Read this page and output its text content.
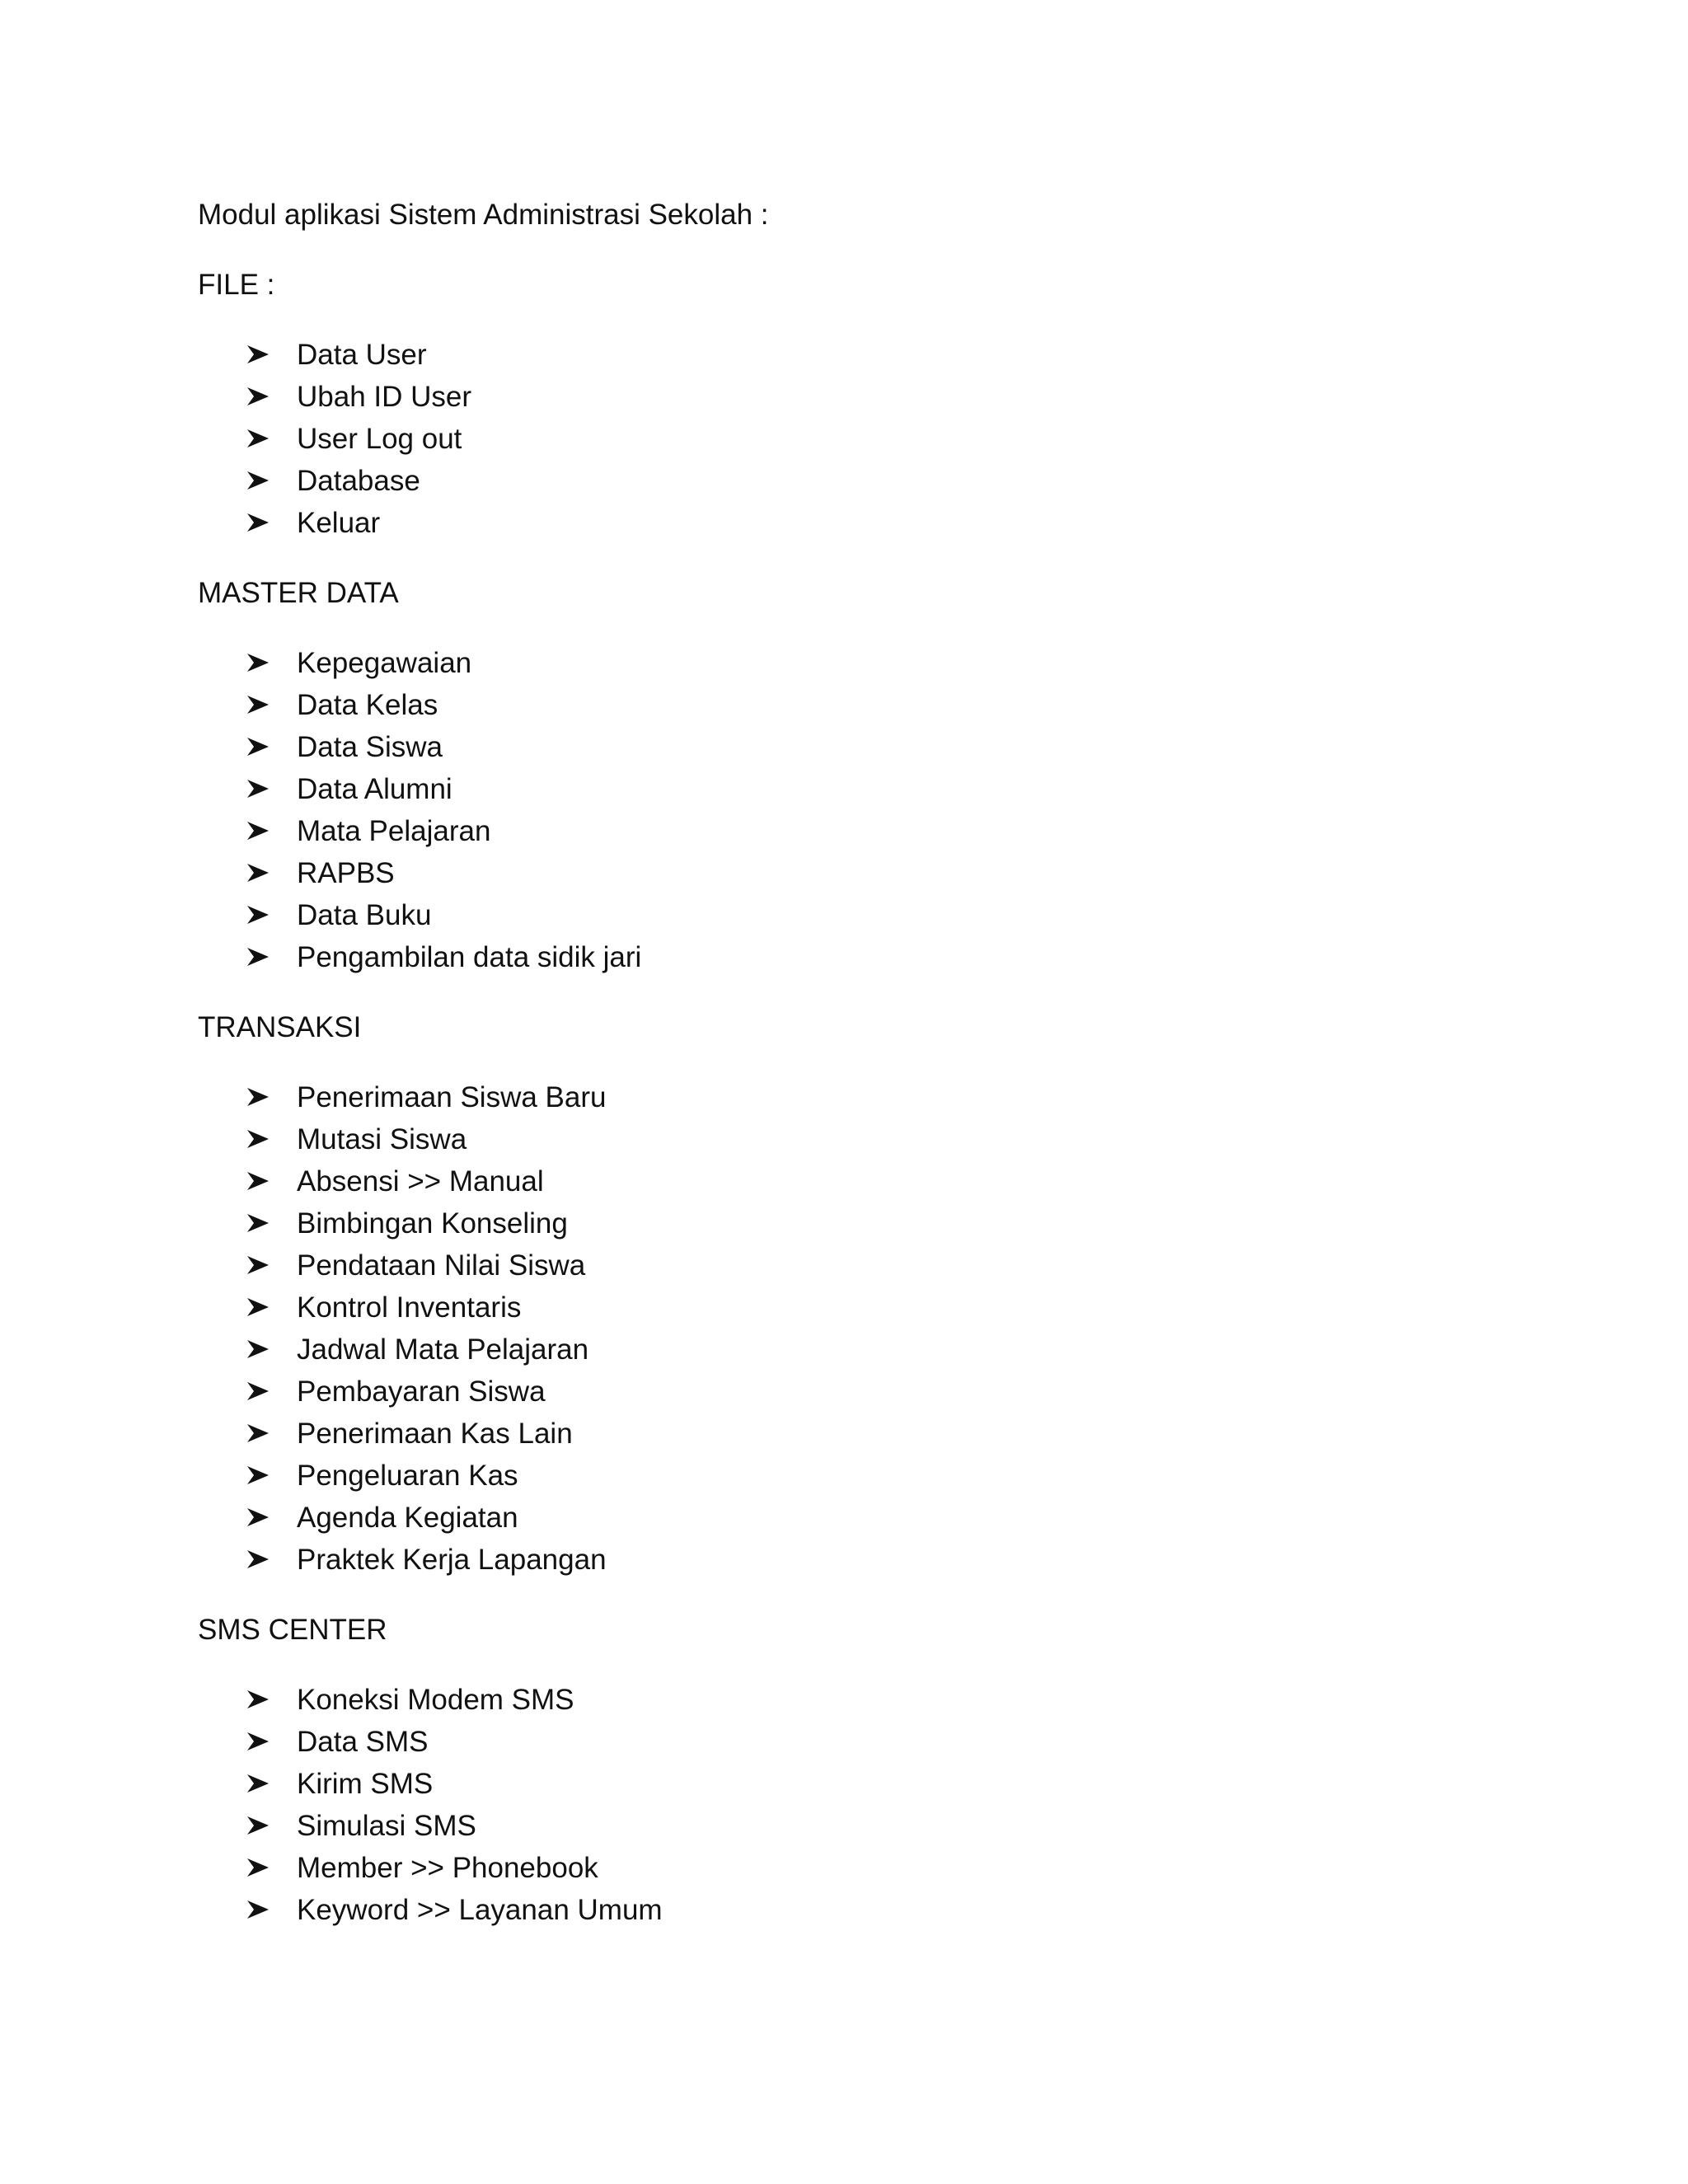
Modul aplikasi Sistem Administrasi Sekolah :

FILE :

Data User
Ubah ID User
User Log out
Database
Keluar

MASTER DATA

Kepegawaian
Data Kelas
Data Siswa
Data Alumni
Mata Pelajaran
RAPBS
Data Buku
Pengambilan data sidik jari

TRANSAKSI

Penerimaan Siswa Baru
Mutasi Siswa
Absensi >> Manual
Bimbingan Konseling
Pendataan Nilai Siswa
Kontrol Inventaris
Jadwal Mata Pelajaran
Pembayaran Siswa
Penerimaan Kas Lain
Pengeluaran Kas
Agenda Kegiatan
Praktek Kerja Lapangan

SMS CENTER

Koneksi Modem SMS
Data SMS
Kirim SMS
Simulasi SMS
Member >> Phonebook
Keyword >> Layanan Umum
